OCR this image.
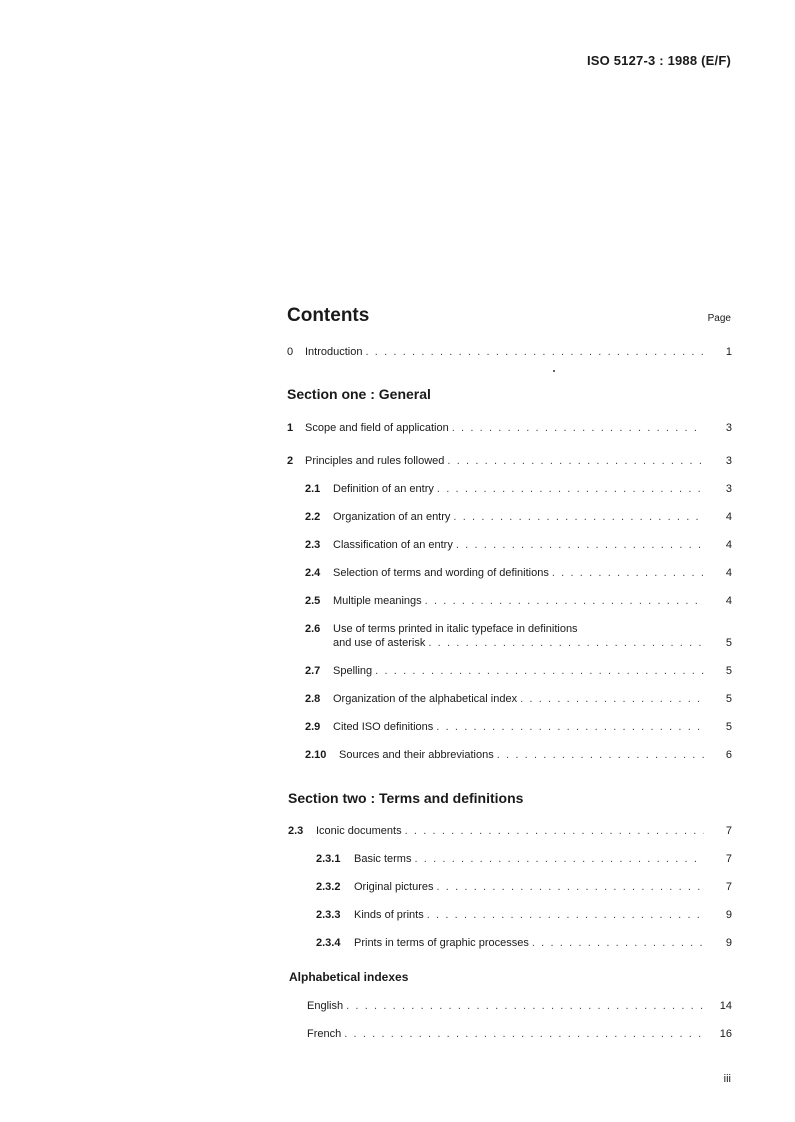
ISO 5127-3 : 1988 (E/F)
Contents	Page
0	Introduction . . .	1
Section one : General
1	Scope and field of application . . .	3
2	Principles and rules followed . . .	3
2.1	Definition of an entry . . .	3
2.2	Organization of an entry . . .	4
2.3	Classification of an entry . . .	4
2.4	Selection of terms and wording of definitions . . .	4
2.5	Multiple meanings . . .	4
2.6	Use of terms printed in italic typeface in definitions
and use of asterisk . . .	5
2.7	Spelling . . .	5
2.8	Organization of the alphabetical index . . .	5
2.9	Cited ISO definitions . . .	5
2.10	Sources and their abbreviations . . .	6
Section two : Terms and definitions
2.3	Iconic documents . . .	7
2.3.1	Basic terms . . .	7
2.3.2	Original pictures . . .	7
2.3.3	Kinds of prints . . .	9
2.3.4	Prints in terms of graphic processes . . .	9
Alphabetical indexes
English . . .	14
French . . .	16
iii
